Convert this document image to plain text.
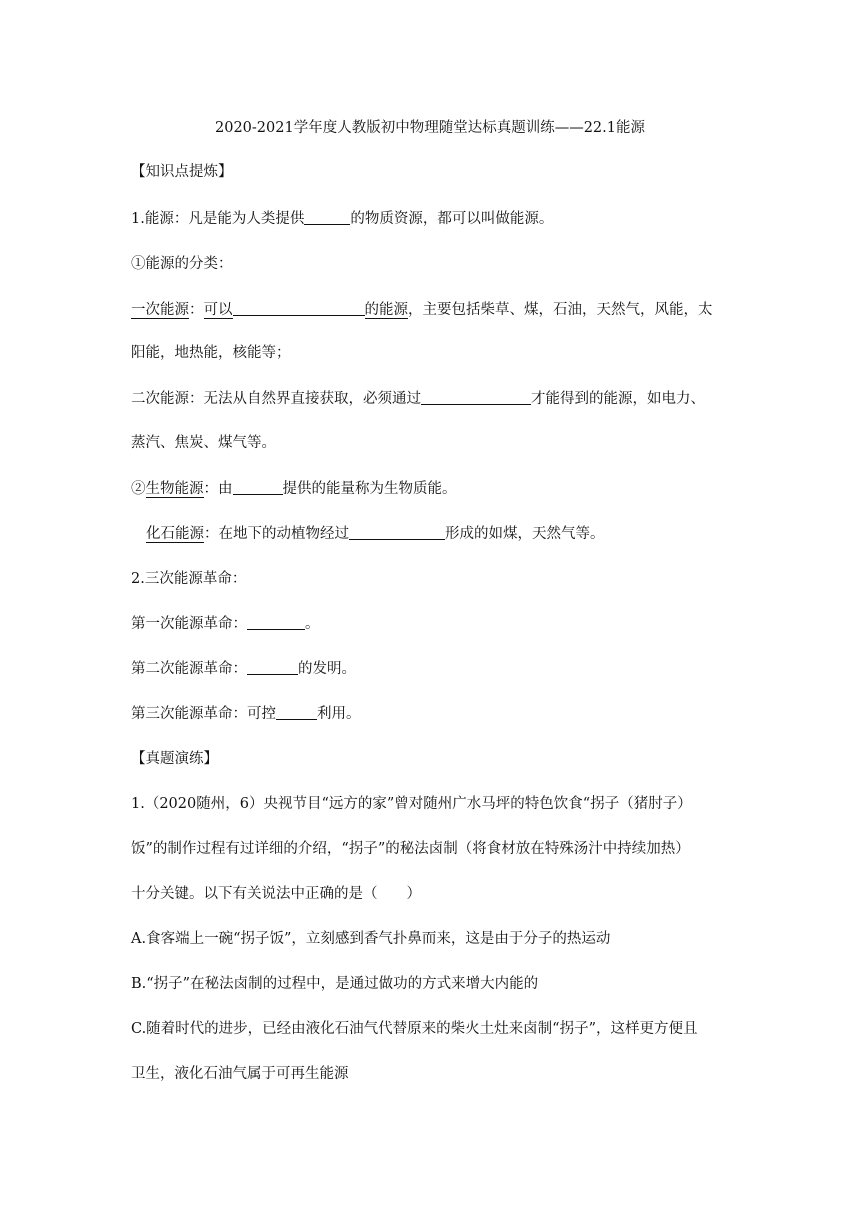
2020-2021学年度人教版初中物理随堂达标真题训练——22.1能源
【知识点提炼】
1.能源：凡是能为人类提供	的物质资源，都可以叫做能源。
①能源的分类：
一次能源：可以	的能源，主要包括柴草、煤，石油，天然气，风能，太
阳能，地热能，核能等；
二次能源：无法从自然界直接获取，必须通过	才能得到的能源，如电力、
蒸汽、焦炭、煤气等。
②生物能源：由	提供的能量称为生物质能。
化石能源：在地下的动植物经过	形成的如煤，天然气等。
2.三次能源革命：
第一次能源革命：	。
第二次能源革命：	的发明。
第三次能源革命：可控	利用。
【真题演练】
1.（2020随州，6）央视节目“远方的家”曾对随州广水马坪的特色饮食“拐子（猪肘子）
饭”的制作过程有过详细的介绍，“拐子”的秘法卤制（将食材放在特殊汤汁中持续加热）
十分关键。以下有关说法中正确的是（　　）
A.食客端上一碗“拐子饭”，立刻感到香气扑鼻而来，这是由于分子的热运动
B.“拐子”在秘法卤制的过程中，是通过做功的方式来增大内能的
C.随着时代的进步，已经由液化石油气代替原来的柴火土灶来卤制“拐子”，这样更方便且
卫生，液化石油气属于可再生能源
